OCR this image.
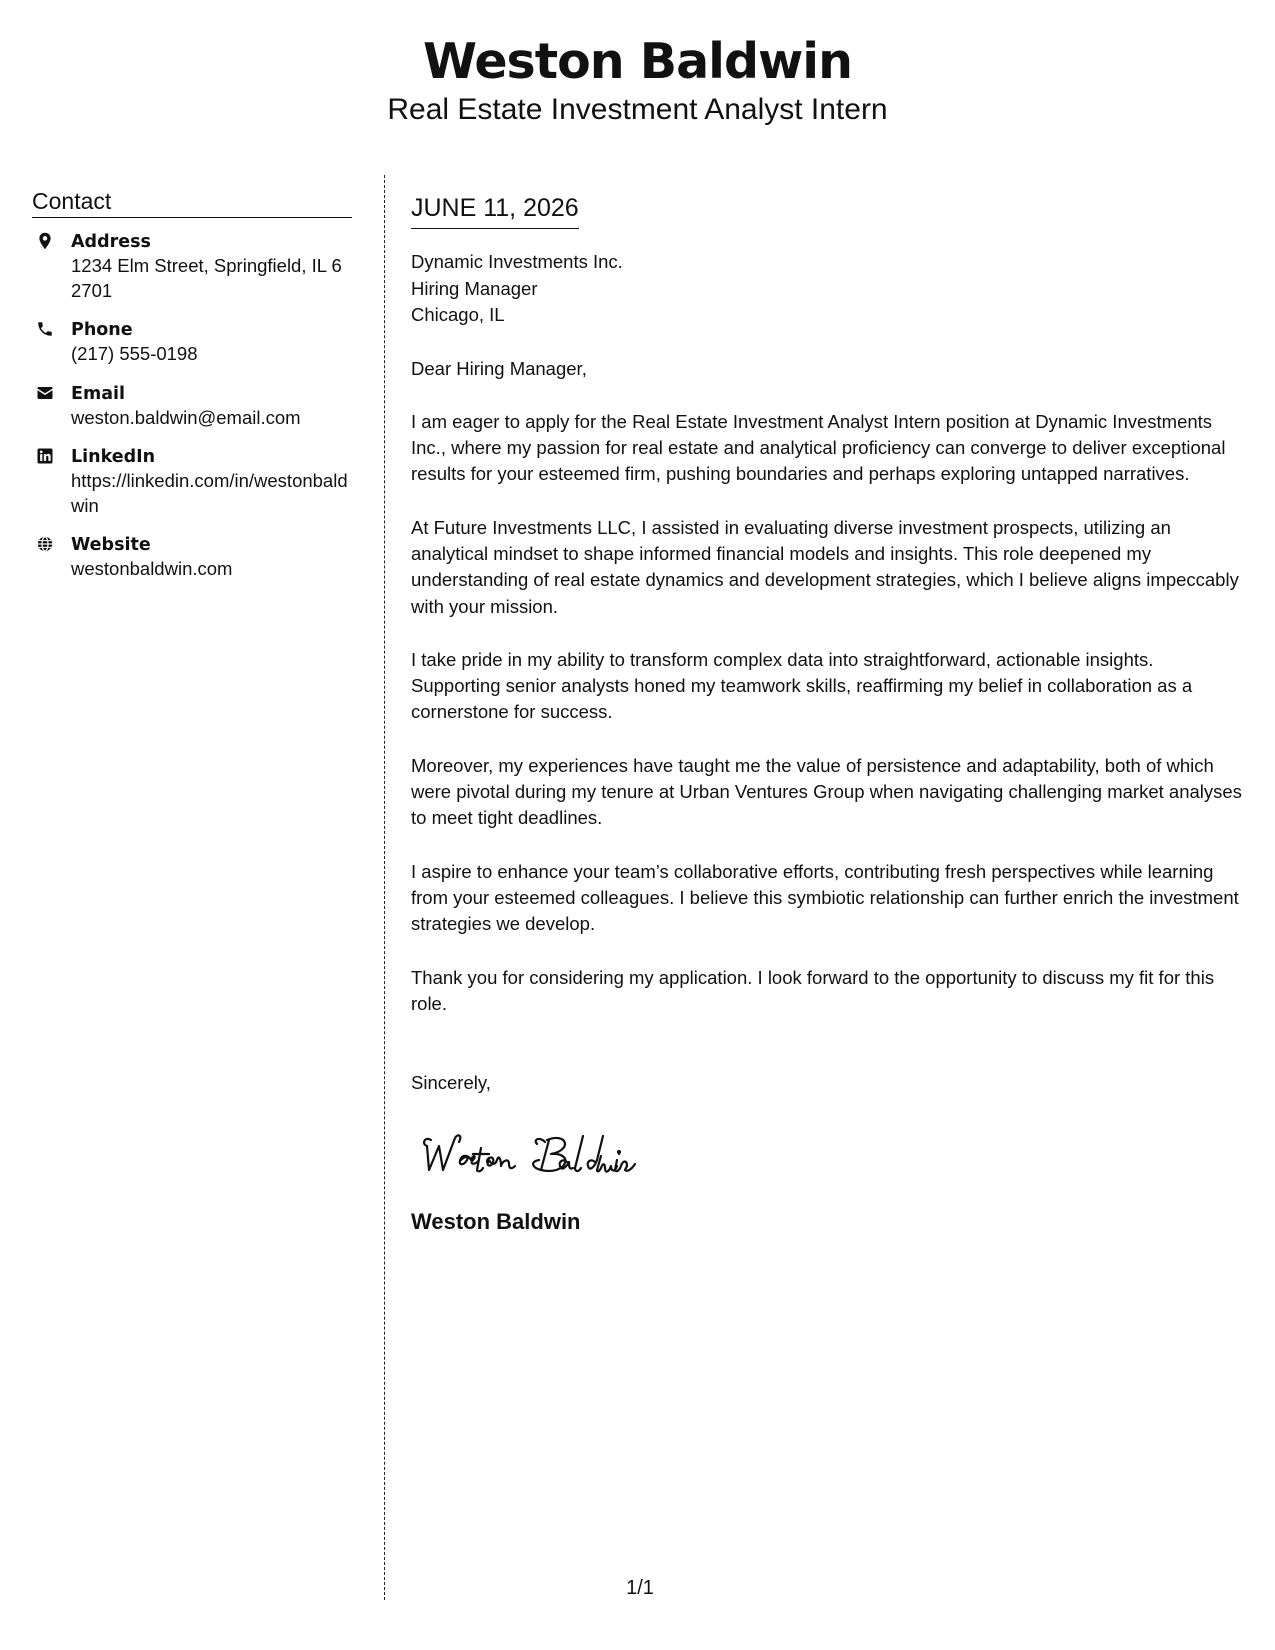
Weston Baldwin
Real Estate Investment Analyst Intern
Contact
Address
1234 Elm Street, Springfield, IL 62701
Phone
(217) 555-0198
Email
weston.baldwin@email.com
LinkedIn
https://linkedin.com/in/westonbaldwin
Website
westonbaldwin.com
JUNE 11, 2026
Dynamic Investments Inc.
Hiring Manager
Chicago, IL
Dear Hiring Manager,
I am eager to apply for the Real Estate Investment Analyst Intern position at Dynamic Investments Inc., where my passion for real estate and analytical proficiency can converge to deliver exceptional results for your esteemed firm, pushing boundaries and perhaps exploring untapped narratives.
At Future Investments LLC, I assisted in evaluating diverse investment prospects, utilizing an analytical mindset to shape informed financial models and insights. This role deepened my understanding of real estate dynamics and development strategies, which I believe aligns impeccably with your mission.
I take pride in my ability to transform complex data into straightforward, actionable insights. Supporting senior analysts honed my teamwork skills, reaffirming my belief in collaboration as a cornerstone for success.
Moreover, my experiences have taught me the value of persistence and adaptability, both of which were pivotal during my tenure at Urban Ventures Group when navigating challenging market analyses to meet tight deadlines.
I aspire to enhance your team’s collaborative efforts, contributing fresh perspectives while learning from your esteemed colleagues. I believe this symbiotic relationship can further enrich the investment strategies we develop.
Thank you for considering my application. I look forward to the opportunity to discuss my fit for this role.
Sincerely,
Weston Baldwin
1/1
